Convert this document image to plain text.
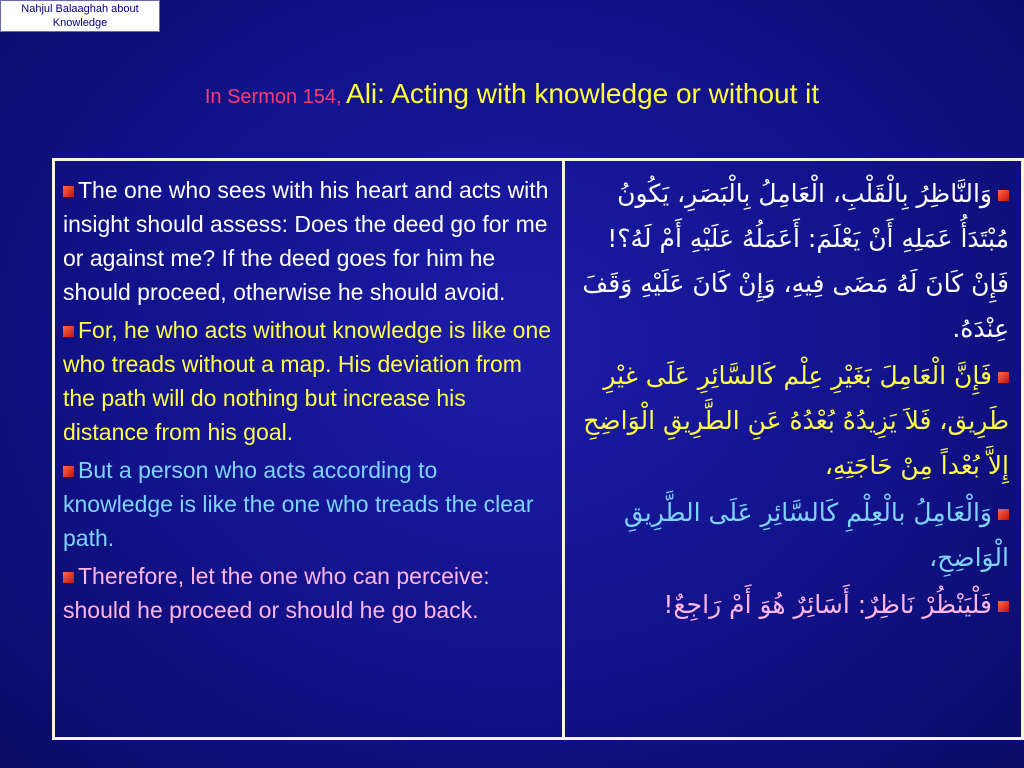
Nahjul Balaaghah about Knowledge
In Sermon 154, Ali: Acting with knowledge or without it
The one who sees with his heart and acts with insight should assess: Does the deed go for me or against me? If the deed goes for him he should proceed, otherwise he should avoid.
For, he who acts without knowledge is like one who treads without a map. His deviation from the path will do nothing but increase his distance from his goal.
But a person who acts according to knowledge is like the one who treads the clear path.
Therefore, let the one who can perceive: should he proceed or should he go back.
وَالنَّاظِرُ بِالْقَلْبِ، الْعَامِلُ بِالْبَصَرِ، يَكُونُ مُبْتَدَأُ عَمَلِهِ أَنْ يَعْلَمَ: أَعَمَلُهُ عَلَيْهِ أَمْ لَهُ؟! فَإِنْ كَانَ لَهُ مَضَى فِيهِ، وَإِنْ كَانَ عَلَيْهِ وَقَفَ عِنْدَهُ.
فَإِنَّ الْعَامِلَ بَغَيْرِ عِلْم كَالسَّائِرِ عَلَى غيْرِ طَرِيق، فَلاَ يَزِيدُهُ بُعْدُهُ عَنِ الطَّرِيقِ الْوَاضِحِ إِلاَّ بُعْداً مِنْ حَاجَتِهِ،
وَالْعَامِلُ بالْعِلْمِ كَالسَّائِرِ عَلَى الطَّرِيقِ الْوَاضِحِ،
فَلْيَنْظُرْ نَاظِرٌ: أَسَائِرٌ هُوَ أَمْ رَاجِعٌ!
